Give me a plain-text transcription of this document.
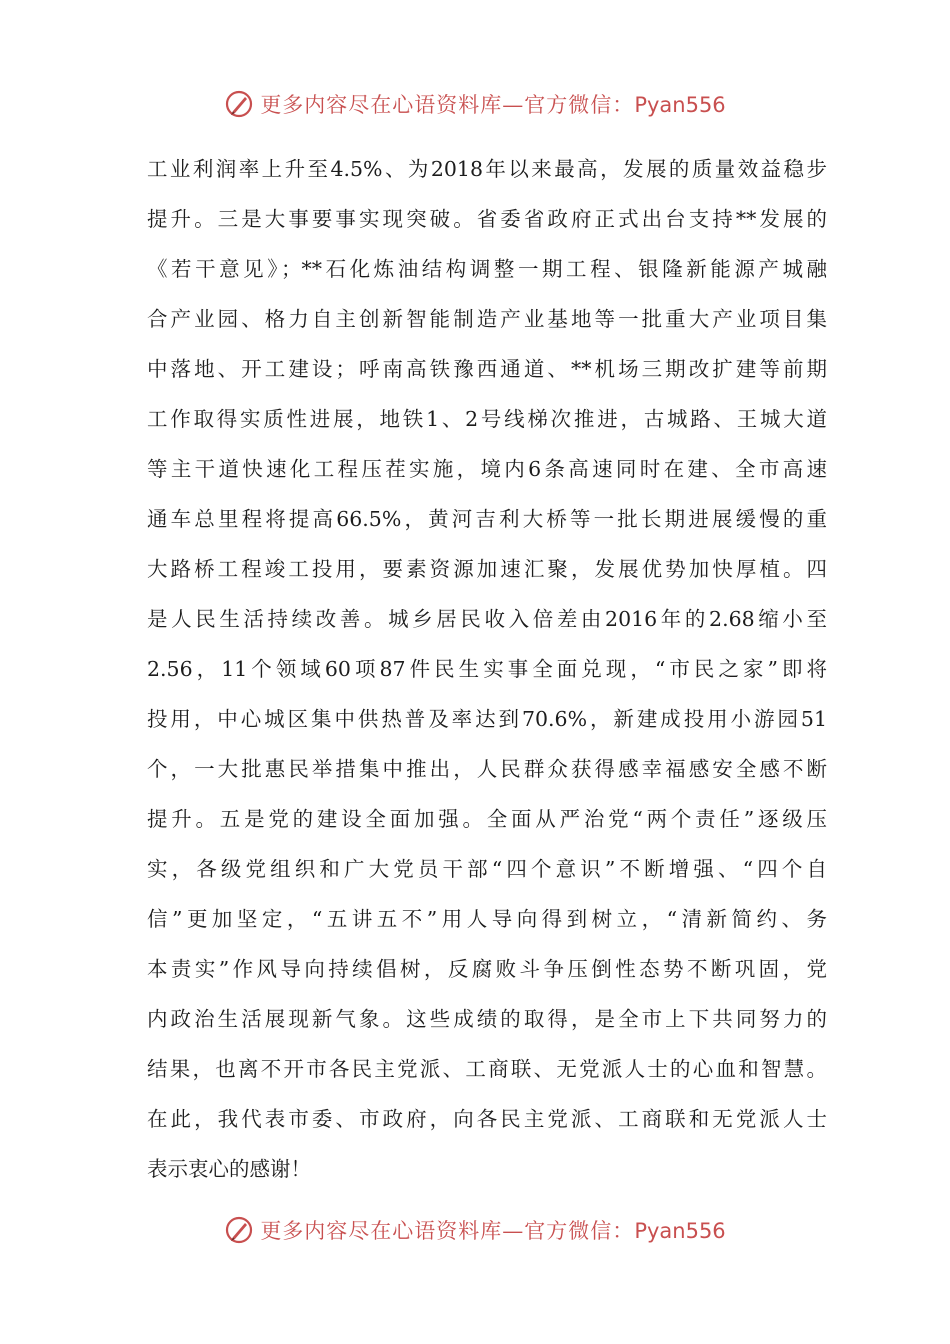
更多内容尽在心语资料库—官方微信：Pyan556
工业利润率上升至4.5%、为2018年以来最高，发展的质量效益稳步
提升。三是大事要事实现突破。省委省政府正式出台支持**发展的
《若干意见》；**石化炼油结构调整一期工程、银隆新能源产城融
合产业园、格力自主创新智能制造产业基地等一批重大产业项目集
中落地、开工建设；呼南高铁豫西通道、**机场三期改扩建等前期
工作取得实质性进展，地铁1、2号线梯次推进，古城路、王城大道
等主干道快速化工程压茬实施，境内6条高速同时在建、全市高速
通车总里程将提高66.5%，黄河吉利大桥等一批长期进展缓慢的重
大路桥工程竣工投用，要素资源加速汇聚，发展优势加快厚植。四
是人民生活持续改善。城乡居民收入倍差由2016年的2.68缩小至
2.56，11个领域60项87件民生实事全面兑现，“市民之家”即将
投用，中心城区集中供热普及率达到70.6%，新建成投用小游园51
个，一大批惠民举措集中推出，人民群众获得感幸福感安全感不断
提升。五是党的建设全面加强。全面从严治党“两个责任”逐级压
实，各级党组织和广大党员干部“四个意识”不断增强、“四个自
信”更加坚定，“五讲五不”用人导向得到树立，“清新简约、务
本责实”作风导向持续倡树，反腐败斗争压倒性态势不断巩固，党
内政治生活展现新气象。这些成绩的取得，是全市上下共同努力的
结果，也离不开市各民主党派、工商联、无党派人士的心血和智慧。
在此，我代表市委、市政府，向各民主党派、工商联和无党派人士
表示衷心的感谢！
更多内容尽在心语资料库—官方微信：Pyan556
